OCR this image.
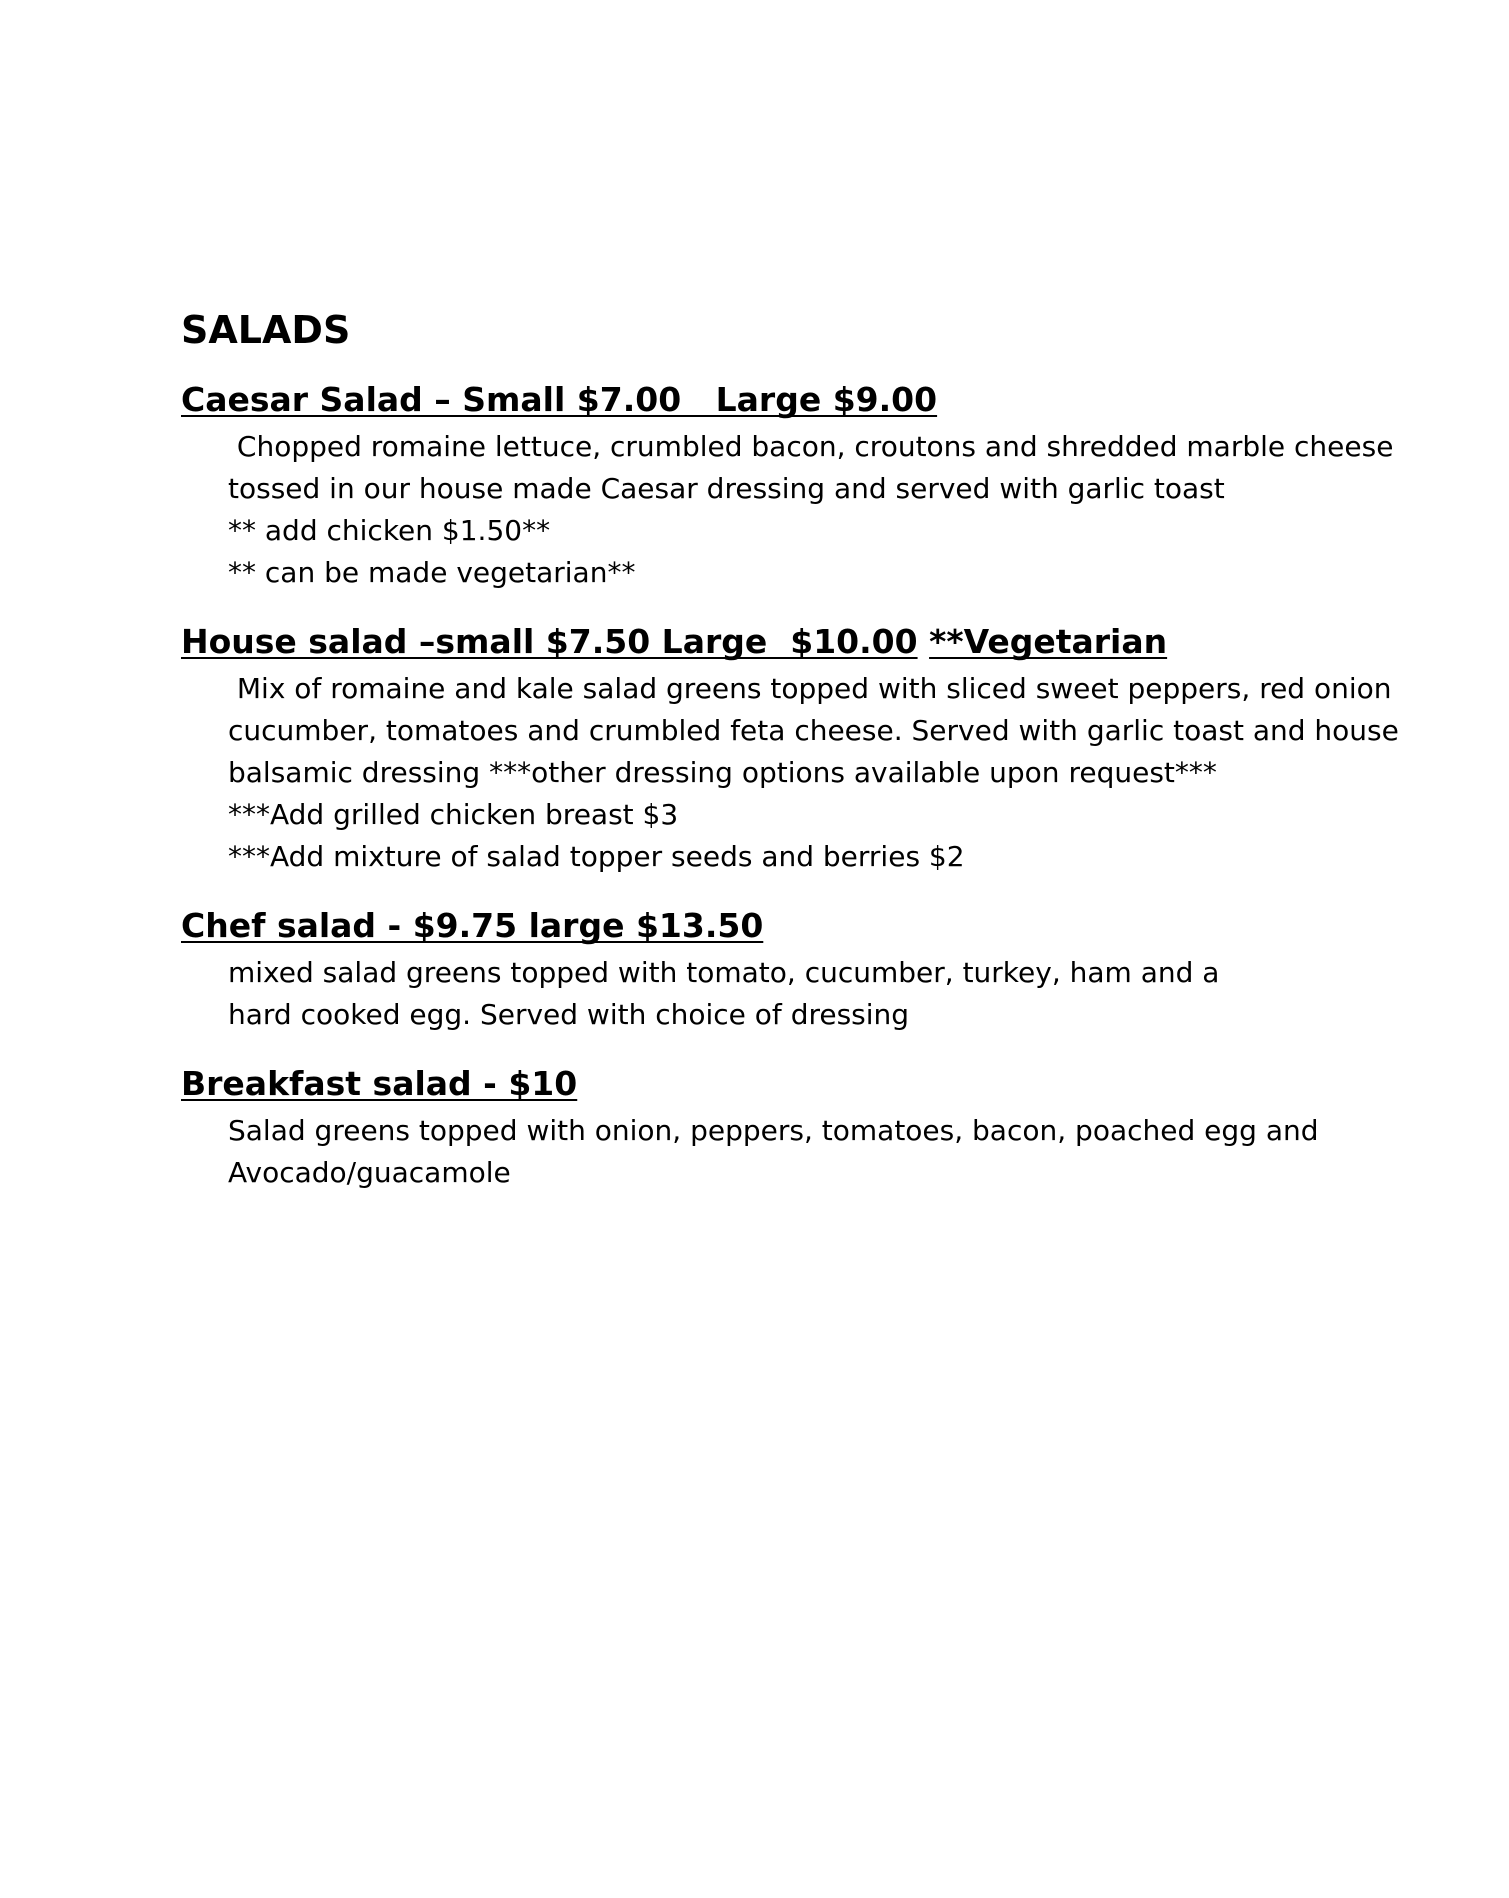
SALADS
Caesar Salad – Small $7.00   Large $9.00
Chopped romaine lettuce, crumbled bacon, croutons and shredded marble cheese
tossed in our house made Caesar dressing and served with garlic toast
** add chicken $1.50**
** can be made vegetarian**
House salad –small $7.50 Large  $10.00 **Vegetarian
Mix of romaine and kale salad greens topped with sliced sweet peppers, red onion
cucumber, tomatoes and crumbled feta cheese. Served with garlic toast and house
balsamic dressing ***other dressing options available upon request***
***Add grilled chicken breast $3
***Add mixture of salad topper seeds and berries $2
Chef salad - $9.75 large $13.50
mixed salad greens topped with tomato, cucumber, turkey, ham and a
hard cooked egg. Served with choice of dressing
Breakfast salad - $10
Salad greens topped with onion, peppers, tomatoes, bacon, poached egg and
Avocado/guacamole
